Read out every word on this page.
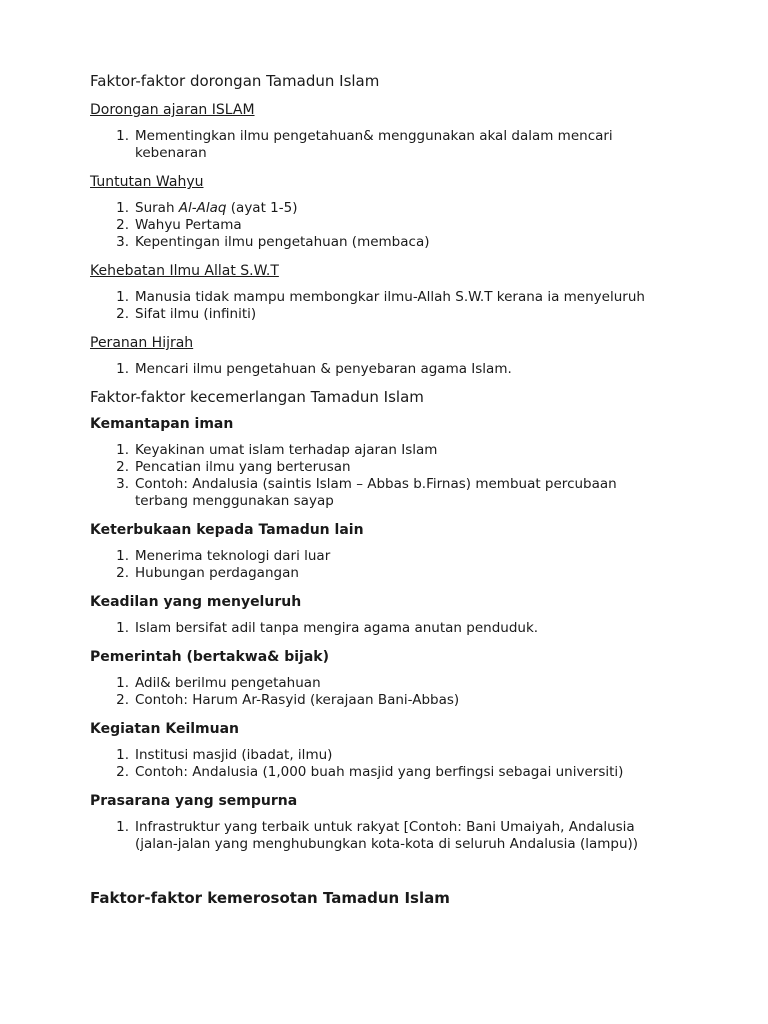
Faktor-faktor dorongan Tamadun Islam
Dorongan ajaran ISLAM
1. Mementingkan ilmu pengetahuan& menggunakan akal dalam mencari kebenaran
Tuntutan Wahyu
1. Surah Al-Alaq (ayat 1-5)
2. Wahyu Pertama
3. Kepentingan ilmu pengetahuan (membaca)
Kehebatan Ilmu Allat S.W.T
1. Manusia tidak mampu membongkar ilmu-Allah S.W.T kerana ia menyeluruh
2. Sifat ilmu (infiniti)
Peranan Hijrah
1. Mencari ilmu pengetahuan & penyebaran agama Islam.
Faktor-faktor kecemerlangan Tamadun Islam
Kemantapan iman
1. Keyakinan umat islam terhadap ajaran Islam
2. Pencatian ilmu yang berterusan
3. Contoh: Andalusia (saintis Islam – Abbas b.Firnas) membuat percubaan terbang menggunakan sayap
Keterbukaan kepada Tamadun lain
1. Menerima teknologi dari luar
2. Hubungan perdagangan
Keadilan yang menyeluruh
1. Islam bersifat adil tanpa mengira agama anutan penduduk.
Pemerintah (bertakwa& bijak)
1. Adil& berilmu pengetahuan
2. Contoh: Harum Ar-Rasyid (kerajaan Bani-Abbas)
Kegiatan Keilmuan
1. Institusi masjid (ibadat, ilmu)
2. Contoh: Andalusia (1,000 buah masjid yang berfingsi sebagai universiti)
Prasarana yang sempurna
1. Infrastruktur yang terbaik untuk rakyat [Contoh: Bani Umaiyah, Andalusia (jalan-jalan yang menghubungkan kota-kota di seluruh Andalusia (lampu))
Faktor-faktor kemerosotan Tamadun Islam
